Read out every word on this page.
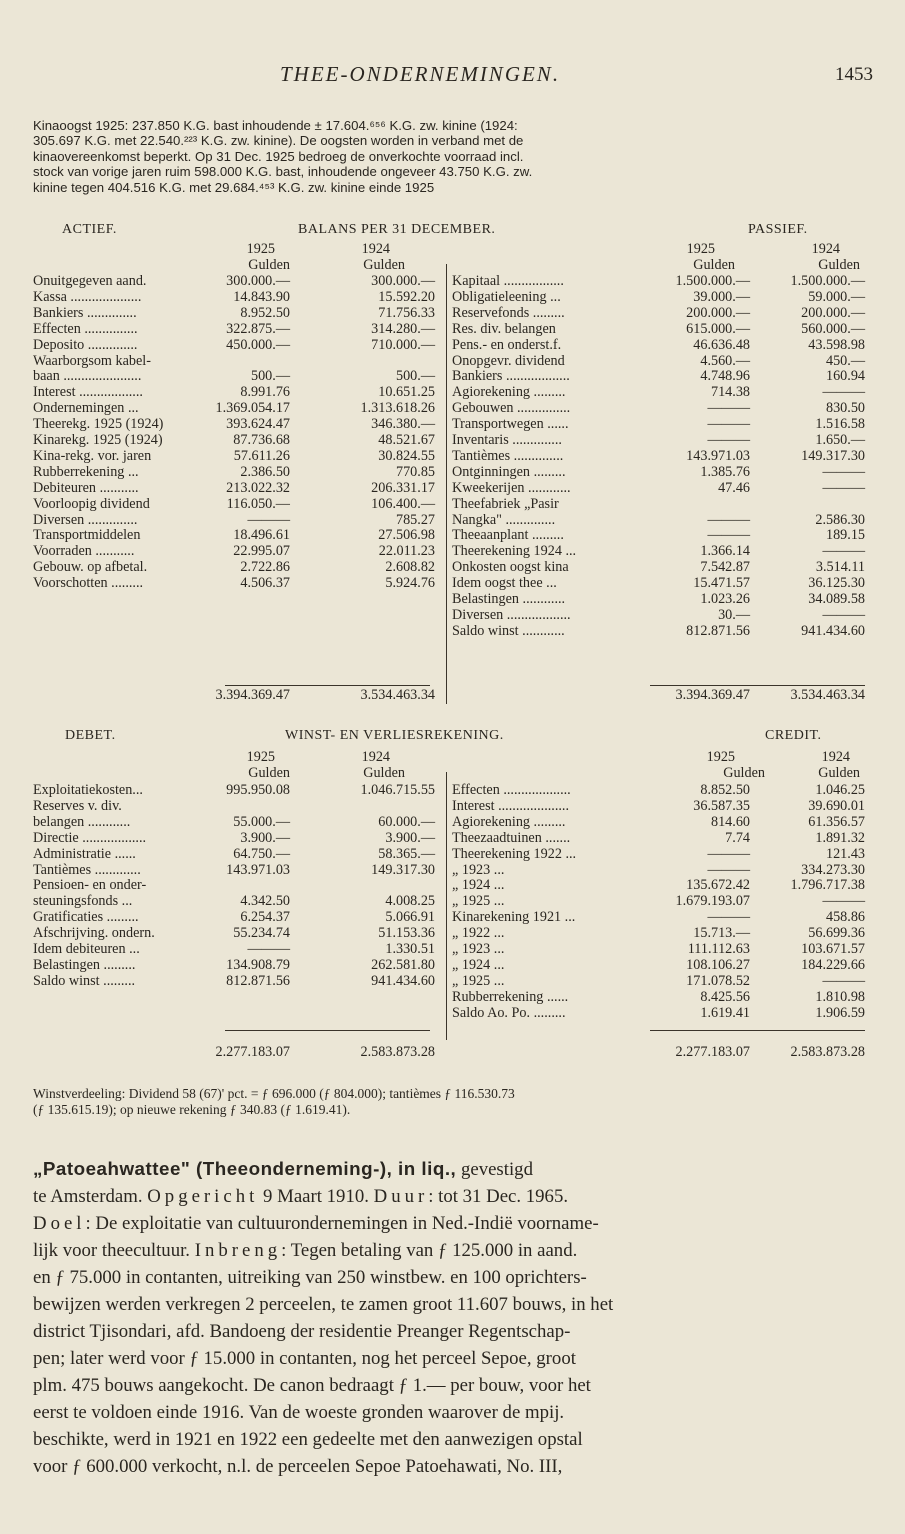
THEE-ONDERNEMINGEN.	1453
Kinaoogst 1925: 237.850 K.G. bast inhoudende ± 17.604.⁶⁵⁶ K.G. zw. kinine (1924:
305.697 K.G. met 22.540.²²³ K.G. zw. kinine). De oogsten worden in verband met de
kinaovereenkomst beperkt. Op 31 Dec. 1925 bedroeg de onverkochte voorraad incl.
stock van vorige jaren ruim 598.000 K.G. bast, inhoudende ongeveer 43.750 K.G. zw.
kinine tegen 404.516 K.G. met 29.684.⁴⁵³ K.G. zw. kinine einde 1925
ACTIEF.	BALANS PER 31 DECEMBER.	PASSIEF.
1925	1924	1925	1924
Gulden	Gulden	Gulden	Gulden
Onuitgegeven aand.	300.000.—	300.000.—
Kassa ....................	14.843.90	15.592.20
Bankiers ..............	8.952.50	71.756.33
Effecten ...............	322.875.—	314.280.—
Deposito ..............	450.000.—	710.000.—
Waarborgsom kabel-
baan ......................	500.—	500.—
Interest ..................	8.991.76	10.651.25
Ondernemingen ...	1.369.054.17	1.313.618.26
Theerekg. 1925 (1924)	393.624.47	346.380.—
Kinarekg. 1925 (1924)	87.736.68	48.521.67
Kina-rekg. vor. jaren	57.611.26	30.824.55
Rubberrekening ...	2.386.50	770.85
Debiteuren ...........	213.022.32	206.331.17
Voorloopig dividend	116.050.—	106.400.—
Diversen ..............	———	785.27
Transportmiddelen	18.496.61	27.506.98
Voorraden ...........	22.995.07	22.011.23
Gebouw. op afbetal.	2.722.86	2.608.82
Voorschotten .........	4.506.37	5.924.76
Kapitaal .................	1.500.000.—	1.500.000.—
Obligatieleening ...	39.000.—	59.000.—
Reservefonds .........	200.000.—	200.000.—
Res. div. belangen	615.000.—	560.000.—
Pens.- en onderst.f.	46.636.48	43.598.98
Onopgevr. dividend	4.560.—	450.—
Bankiers ..................	4.748.96	160.94
Agiorekening .........	714.38	———
Gebouwen ...............	———	830.50
Transportwegen ......	———	1.516.58
Inventaris ..............	———	1.650.—
Tantièmes ..............	143.971.03	149.317.30
Ontginningen .........	1.385.76	———
Kweekerijen ............	47.46	———
Theefabriek „Pasir
Nangka" ..............	———	2.586.30
Theeaanplant .........	———	189.15
Theerekening 1924 ...	1.366.14	———
Onkosten oogst kina	7.542.87	3.514.11
Idem oogst thee ...	15.471.57	36.125.30
Belastingen ............	1.023.26	34.089.58
Diversen ..................	30.—	———
Saldo winst ............	812.871.56	941.434.60
3.394.369.47	3.534.463.34	3.394.369.47	3.534.463.34
DEBET.	WINST- EN VERLIESREKENING.	CREDIT.
1925	1924	1925	1924
Gulden	Gulden	Gulden	Gulden
Exploitatiekosten...	995.950.08	1.046.715.55
Reserves v. div.
belangen ............	55.000.—	60.000.—
Directie ..................	3.900.—	3.900.—
Administratie ......	64.750.—	58.365.—
Tantièmes .............	143.971.03	149.317.30
Pensioen- en onder-
steuningsfonds ...	4.342.50	4.008.25
Gratificaties .........	6.254.37	5.066.91
Afschrijving. ondern.	55.234.74	51.153.36
Idem debiteuren ...	———	1.330.51
Belastingen .........	134.908.79	262.581.80
Saldo winst .........	812.871.56	941.434.60
Effecten ...................	8.852.50	1.046.25
Interest ....................	36.587.35	39.690.01
Agiorekening .........	814.60	61.356.57
Theezaadtuinen .......	7.74	1.891.32
Theerekening 1922 ...	———	121.43
„ 1923 ...	———	334.273.30
„ 1924 ...	135.672.42	1.796.717.38
„ 1925 ...	1.679.193.07	———
Kinarekening 1921 ...	———	458.86
„ 1922 ...	15.713.—	56.699.36
„ 1923 ...	111.112.63	103.671.57
„ 1924 ...	108.106.27	184.229.66
„ 1925 ...	171.078.52	———
Rubberrekening ......	8.425.56	1.810.98
Saldo Ao. Po. .........	1.619.41	1.906.59
2.277.183.07	2.583.873.28	2.277.183.07	2.583.873.28
Winstverdeeling: Dividend 58 (67)' pct. = ƒ 696.000 (ƒ 804.000); tantièmes ƒ 116.530.73
(ƒ 135.615.19); op nieuwe rekening ƒ 340.83 (ƒ 1.619.41).
„Patoeahwattee" (Theeonderneming-), in liq., gevestigd
te Amsterdam. Opgericht 9 Maart 1910. Duur: tot 31 Dec. 1965.
Doel: De exploitatie van cultuurondernemingen in Ned.-Indië voorname-
lijk voor theecultuur. Inbreng: Tegen betaling van ƒ 125.000 in aand.
en ƒ 75.000 in contanten, uitreiking van 250 winstbew. en 100 oprichters-
bewijzen werden verkregen 2 perceelen, te zamen groot 11.607 bouws, in het
district Tjisondari, afd. Bandoeng der residentie Preanger Regentschap-
pen; later werd voor ƒ 15.000 in contanten, nog het perceel Sepoe, groot
plm. 475 bouws aangekocht. De canon bedraagt ƒ 1.— per bouw, voor het
eerst te voldoen einde 1916. Van de woeste gronden waarover de mpij.
beschikte, werd in 1921 en 1922 een gedeelte met den aanwezigen opstal
voor ƒ 600.000 verkocht, n.l. de perceelen Sepoe Patoehawati, No. III,
